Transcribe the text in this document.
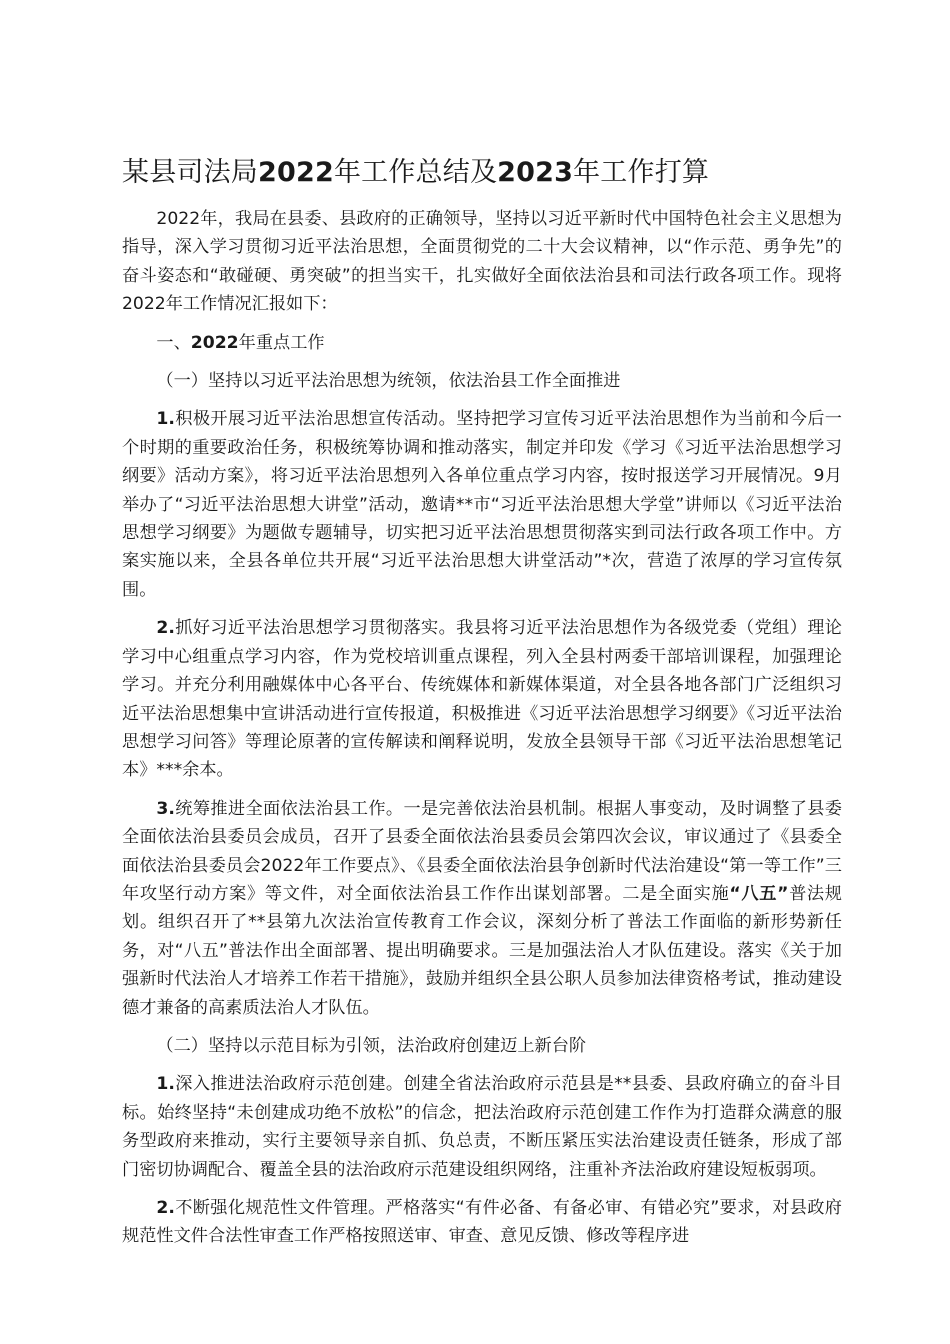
某县司法局2022年工作总结及2023年工作打算

2022年，我局在县委、县政府的正确领导，坚持以习近平新时代中国特色社会主义思想为指导，深入学习贯彻习近平法治思想，全面贯彻党的二十大会议精神，以“作示范、勇争先”的奋斗姿态和“敢碰硬、勇突破”的担当实干，扎实做好全面依法治县和司法行政各项工作。现将2022年工作情况汇报如下：

一、2022年重点工作

（一）坚持以习近平法治思想为统领，依法治县工作全面推进

1.积极开展习近平法治思想宣传活动。坚持把学习宣传习近平法治思想作为当前和今后一个时期的重要政治任务，积极统筹协调和推动落实，制定并印发《学习《习近平法治思想学习纲要》活动方案》，将习近平法治思想列入各单位重点学习内容，按时报送学习开展情况。9月举办了“习近平法治思想大讲堂”活动，邀请**市“习近平法治思想大学堂”讲师以《习近平法治思想学习纲要》为题做专题辅导，切实把习近平法治思想贯彻落实到司法行政各项工作中。方案实施以来，全县各单位共开展“习近平法治思想大讲堂活动”*次，营造了浓厚的学习宣传氛围。

2.抓好习近平法治思想学习贯彻落实。我县将习近平法治思想作为各级党委（党组）理论学习中心组重点学习内容，作为党校培训重点课程，列入全县村两委干部培训课程，加强理论学习。并充分利用融媒体中心各平台、传统媒体和新媒体渠道，对全县各地各部门广泛组织习近平法治思想集中宣讲活动进行宣传报道，积极推进《习近平法治思想学习纲要》《习近平法治思想学习问答》等理论原著的宣传解读和阐释说明，发放全县领导干部《习近平法治思想笔记本》***余本。

3.统筹推进全面依法治县工作。一是完善依法治县机制。根据人事变动，及时调整了县委全面依法治县委员会成员，召开了县委全面依法治县委员会第四次会议，审议通过了《县委全面依法治县委员会2022年工作要点》、《县委全面依法治县争创新时代法治建设“第一等工作”三年攻坚行动方案》等文件，对全面依法治县工作作出谋划部署。二是全面实施“八五”普法规划。组织召开了**县第九次法治宣传教育工作会议，深刻分析了普法工作面临的新形势新任务，对“八五”普法作出全面部署、提出明确要求。三是加强法治人才队伍建设。落实《关于加强新时代法治人才培养工作若干措施》，鼓励并组织全县公职人员参加法律资格考试，推动建设德才兼备的高素质法治人才队伍。

（二）坚持以示范目标为引领，法治政府创建迈上新台阶

1.深入推进法治政府示范创建。创建全省法治政府示范县是**县委、县政府确立的奋斗目标。始终坚持“未创建成功绝不放松”的信念，把法治政府示范创建工作作为打造群众满意的服务型政府来推动，实行主要领导亲自抓、负总责，不断压紧压实法治建设责任链条，形成了部门密切协调配合、覆盖全县的法治政府示范建设组织网络，注重补齐法治政府建设短板弱项。

2.不断强化规范性文件管理。严格落实“有件必备、有备必审、有错必究”要求，对县政府规范性文件合法性审查工作严格按照送审、审查、意见反馈、修改等程序进
